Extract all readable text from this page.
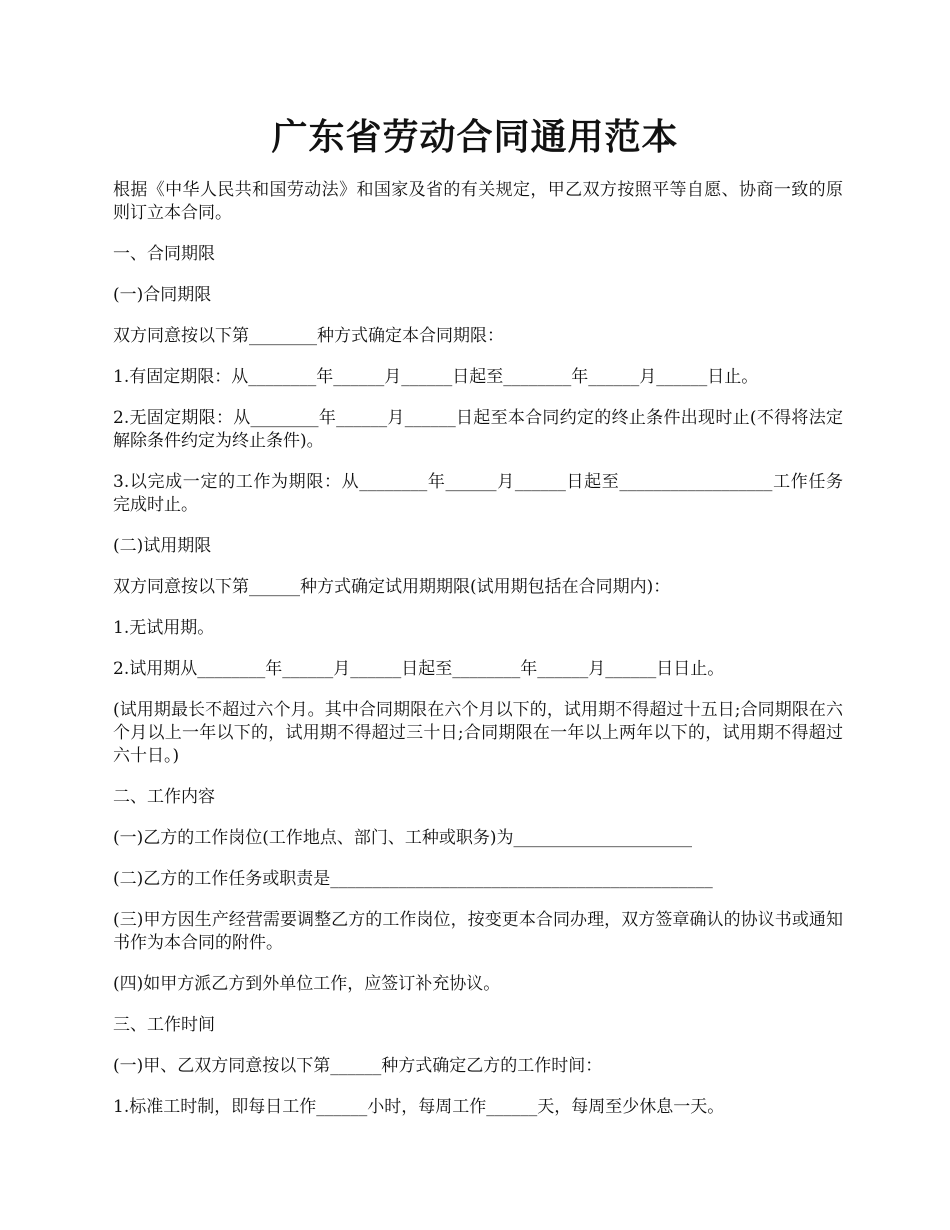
广东省劳动合同通用范本

根据《中华人民共和国劳动法》和国家及省的有关规定，甲乙双方按照平等自愿、协商一致的原则订立本合同。

一、合同期限

(一)合同期限

双方同意按以下第________种方式确定本合同期限：

1.有固定期限：从________年______月______日起至________年______月______日止。

2.无固定期限：从________年______月______日起至本合同约定的终止条件出现时止(不得将法定解除条件约定为终止条件)。

3.以完成一定的工作为期限：从________年______月______日起至__________________工作任务完成时止。

(二)试用期限

双方同意按以下第______种方式确定试用期期限(试用期包括在合同期内)：

1.无试用期。

2.试用期从________年______月______日起至________年______月______日日止。

(试用期最长不超过六个月。其中合同期限在六个月以下的，试用期不得超过十五日;合同期限在六个月以上一年以下的，试用期不得超过三十日;合同期限在一年以上两年以下的，试用期不得超过六十日。)

二、工作内容

(一)乙方的工作岗位(工作地点、部门、工种或职务)为_____________________

(二)乙方的工作任务或职责是_____________________________________________

(三)甲方因生产经营需要调整乙方的工作岗位，按变更本合同办理，双方签章确认的协议书或通知书作为本合同的附件。

(四)如甲方派乙方到外单位工作，应签订补充协议。

三、工作时间

(一)甲、乙双方同意按以下第______种方式确定乙方的工作时间：

1.标准工时制，即每日工作______小时，每周工作______天，每周至少休息一天。
